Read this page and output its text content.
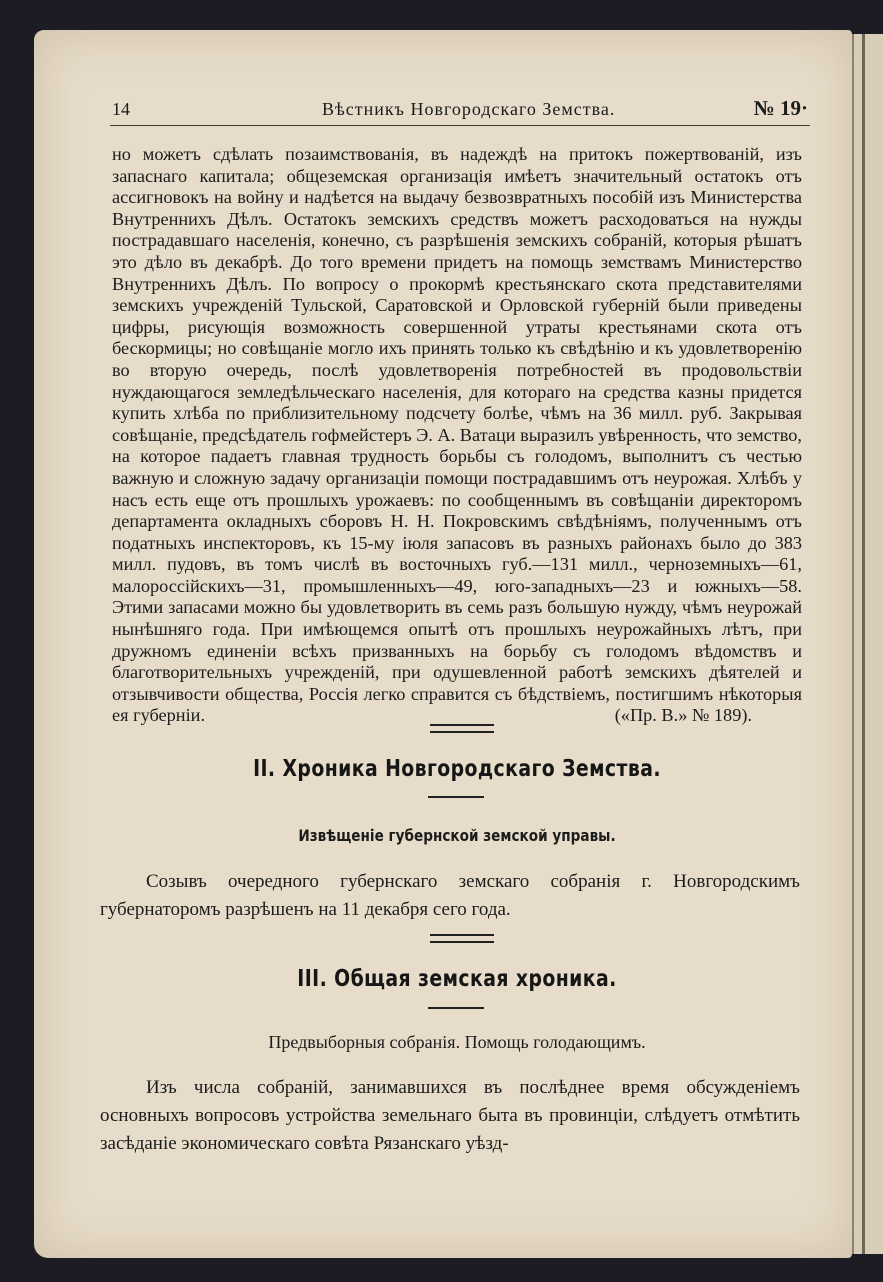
14	Вѣстникъ Новгородскаго Земства.	№ 19·

но можетъ сдѣлать позаимствованія, въ надеждѣ на притокъ пожертвованій, изъ запаснаго капитала; общеземская организація имѣетъ значительный остатокъ отъ ассигновокъ на войну и надѣется на выдачу безвозвратныхъ пособій изъ Министерства Внутреннихъ Дѣлъ. Остатокъ земскихъ средствъ можетъ расходоваться на нужды пострадавшаго населенія, конечно, съ разрѣшенія земскихъ собраній, которыя рѣшатъ это дѣло въ декабрѣ. До того времени придетъ на помощь земствамъ Министерство Внутреннихъ Дѣлъ. По вопросу о прокормѣ крестьянскаго скота представителями земскихъ учрежденій Тульской, Саратовской и Орловской губерній были приведены цифры, рисующія возможность совершенной утраты крестьянами скота отъ бескормицы; но совѣщаніе могло ихъ принять только къ свѣдѣнію и къ удовлетворенію во вторую очередь, послѣ удовлетворенія потребностей въ продовольствіи нуждающагося земледѣльческаго населенія, для котораго на средства казны придется купить хлѣба по приблизительному подсчету болѣе, чѣмъ на 36 милл. руб. Закрывая совѣщаніе, предсѣдатель гофмейстеръ Э. А. Ватаци выразилъ увѣренность, что земство, на которое падаетъ главная трудность борьбы съ голодомъ, выполнитъ съ честью важную и сложную задачу организаціи помощи пострадавшимъ отъ неурожая. Хлѣбъ у насъ есть еще отъ прошлыхъ урожаевъ: по сообщеннымъ въ совѣщаніи директоромъ департамента окладныхъ сборовъ Н. Н. Покровскимъ свѣдѣніямъ, полученнымъ отъ податныхъ инспекторовъ, къ 15-му іюля запасовъ въ разныхъ районахъ было до 383 милл. пудовъ, въ томъ числѣ въ восточныхъ губ.—131 милл., черноземныхъ—61, малороссійскихъ—31, промышленныхъ—49, юго-западныхъ—23 и южныхъ—58. Этими запасами можно бы удовлетворить въ семь разъ большую нужду, чѣмъ неурожай нынѣшняго года. При имѣющемся опытѣ отъ прошлыхъ неурожайныхъ лѣтъ, при дружномъ единеніи всѣхъ призванныхъ на борьбу съ голодомъ вѣдомствъ и благотворительныхъ учрежденій, при одушевленной работѣ земскихъ дѣятелей и отзывчивости общества, Россія легко справится съ бѣдствіемъ, постигшимъ нѣкоторыя ея губерніи.	(«Пр. В.» № 189).

II. Хроника Новгородскаго Земства.
Извѣщеніе губернской земской управы.

Созывъ очередного губернскаго земскаго собранія г. Новгородскимъ губернаторомъ разрѣшенъ на 11 декабря сего года.

III. Общая земская хроника.

Предвыборныя собранія. Помощь голодающимъ.

Изъ числа собраній, занимавшихся въ послѣднее время обсужденіемъ основныхъ вопросовъ устройства земельнаго быта въ провинціи, слѣдуетъ отмѣтить засѣданіе экономическаго совѣта Рязанскаго уѣзд-
